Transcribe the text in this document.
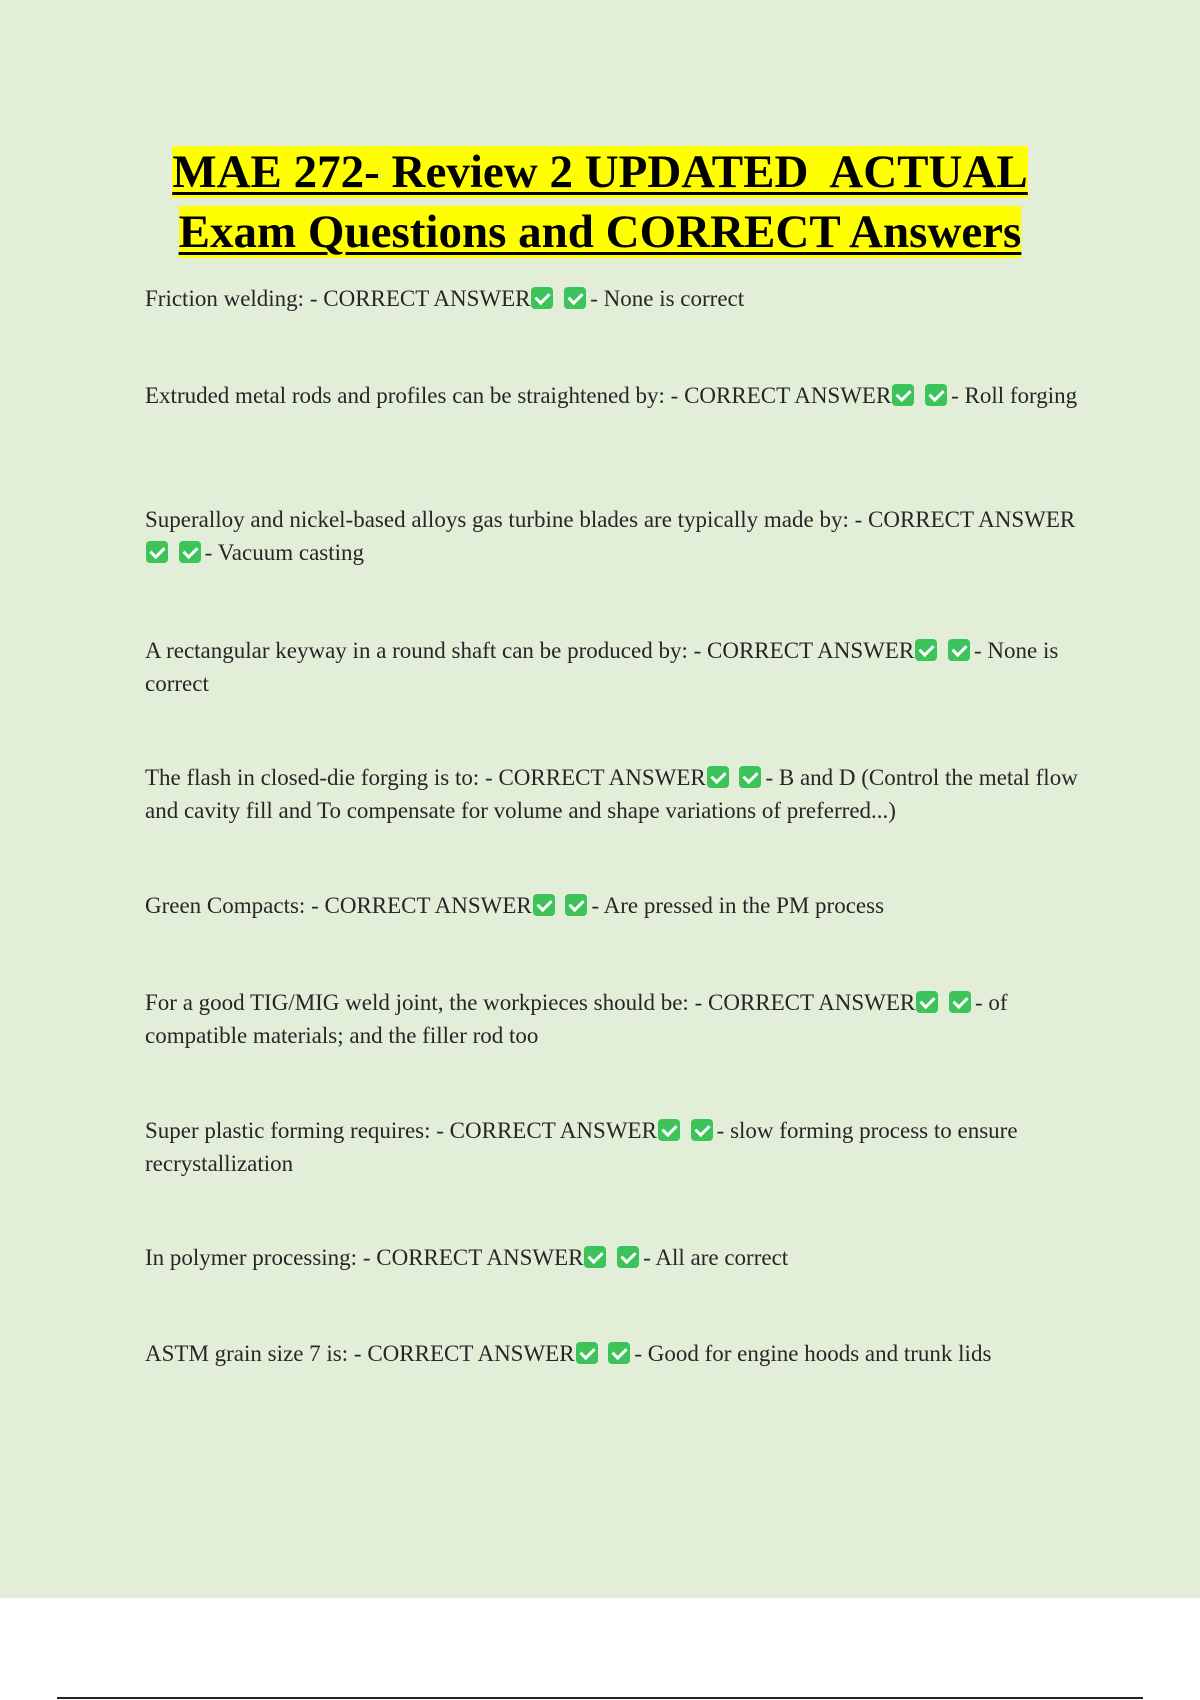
MAE 272- Review 2 UPDATED  ACTUAL
Exam Questions and CORRECT Answers
Friction welding: - CORRECT ANSWER	- None is correct
Extruded metal rods and profiles can be straightened by: - CORRECT ANSWER	- Roll forging
Superalloy and nickel-based alloys gas turbine blades are typically made by: - CORRECT ANSWER - Vacuum casting
A rectangular keyway in a round shaft can be produced by: - CORRECT ANSWER	- None is correct
The flash in closed-die forging is to: - CORRECT ANSWER	- B and D (Control the metal flow and cavity fill and To compensate for volume and shape variations of preferred...)
Green Compacts: - CORRECT ANSWER	- Are pressed in the PM process
For a good TIG/MIG weld joint, the workpieces should be: - CORRECT ANSWER	- of compatible materials; and the filler rod too
Super plastic forming requires: - CORRECT ANSWER	- slow forming process to ensure recrystallization
In polymer processing: - CORRECT ANSWER	- All are correct
ASTM grain size 7 is: - CORRECT ANSWER	- Good for engine hoods and trunk lids
